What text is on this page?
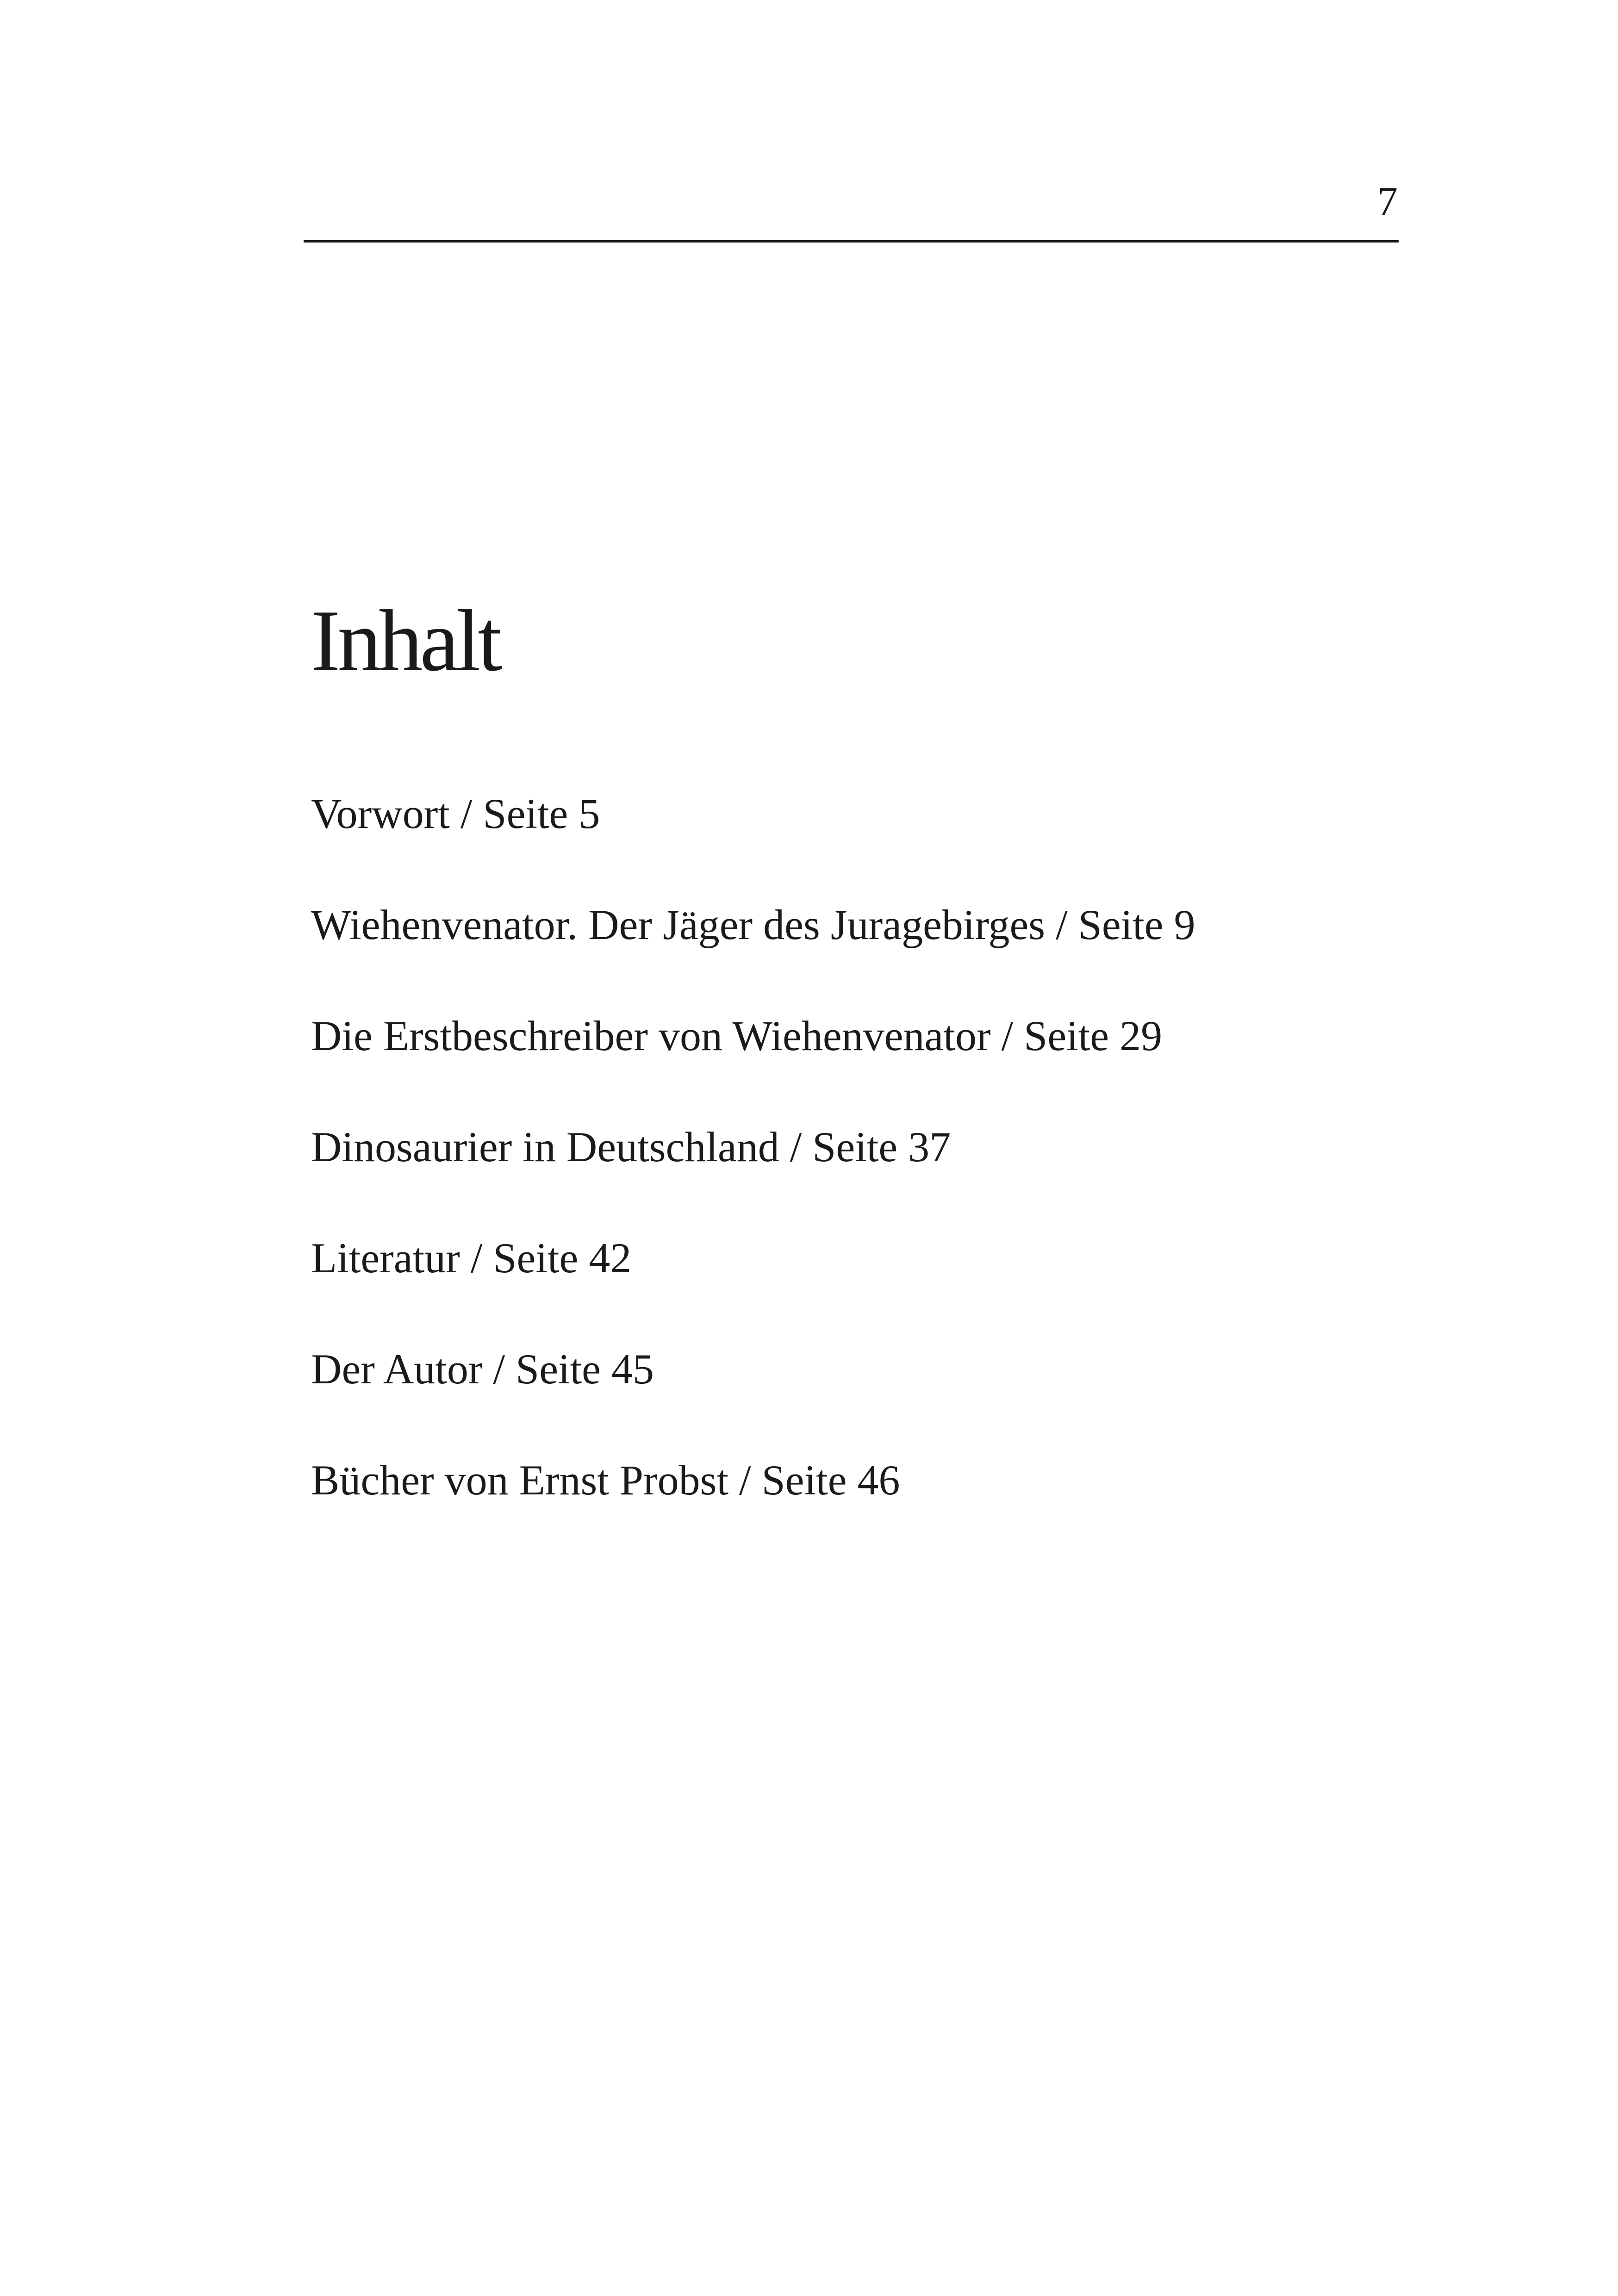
7
Inhalt
Vorwort / Seite 5
Wiehenvenator. Der Jäger des Juragebirges / Seite 9
Die Erstbeschreiber von Wiehenvenator / Seite 29
Dinosaurier in Deutschland / Seite 37
Literatur / Seite 42
Der Autor / Seite 45
Bücher von Ernst Probst / Seite 46
